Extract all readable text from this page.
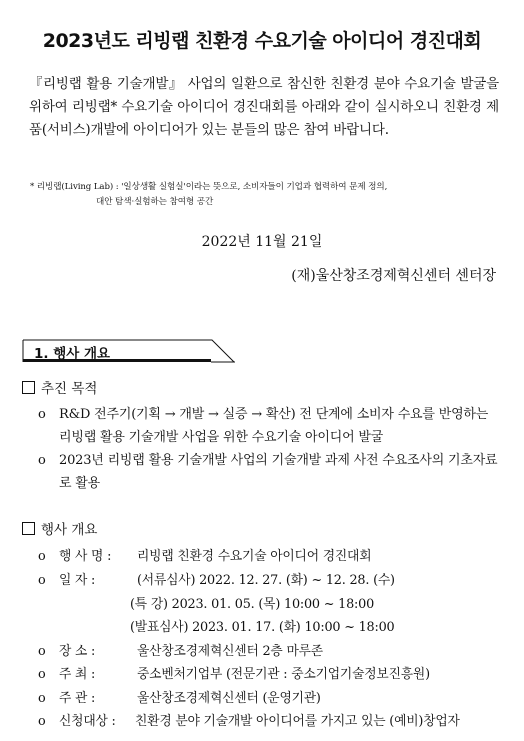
2023년도 리빙랩 친환경 수요기술 아이디어 경진대회
『리빙랩 활용 기술개발』 사업의 일환으로 참신한 친환경 분야 수요기술 발굴을 위하여 리빙랩* 수요기술 아이디어 경진대회를 아래와 같이 실시하오니 친환경 제품(서비스)개발에 아이디어가 있는 분들의 많은 참여 바랍니다.
* 리빙랩(Living Lab) : '일상생활 실험실'이라는 뜻으로, 소비자들이 기업과 협력하여 문제 정의,
대안 탐색·실험하는 참여형 공간
2022년 11월 21일
(재)울산창조경제혁신센터 센터장
1. 행사 개요
추진 목적
o	R&D 전주기(기획 → 개발 → 실증 → 확산) 전 단계에 소비자 수요를 반영하는 리빙랩 활용 기술개발 사업을 위한 수요기술 아이디어 발굴
o	2023년 리빙랩 활용 기술개발 사업의 기술개발 과제 사전 수요조사의 기초자료로 활용
행사 개요
o 행 사 명 : 리빙랩 친환경 수요기술 아이디어 경진대회
o 일 자 :	(서류심사) 2022. 12. 27. (화) ~ 12. 28. (수)
(특 강) 2023. 01. 05. (목) 10:00 ~ 18:00
(발표심사) 2023. 01. 17. (화) 10:00 ~ 18:00
o 장 소 :	울산창조경제혁신센터 2층 마루존
o 주 최 :	중소벤처기업부 (전문기관 : 중소기업기술정보진흥원)
o 주 관 :	울산창조경제혁신센터 (운영기관)
o 신청대상 : 친환경 분야 기술개발 아이디어를 가지고 있는 (예비)창업자
